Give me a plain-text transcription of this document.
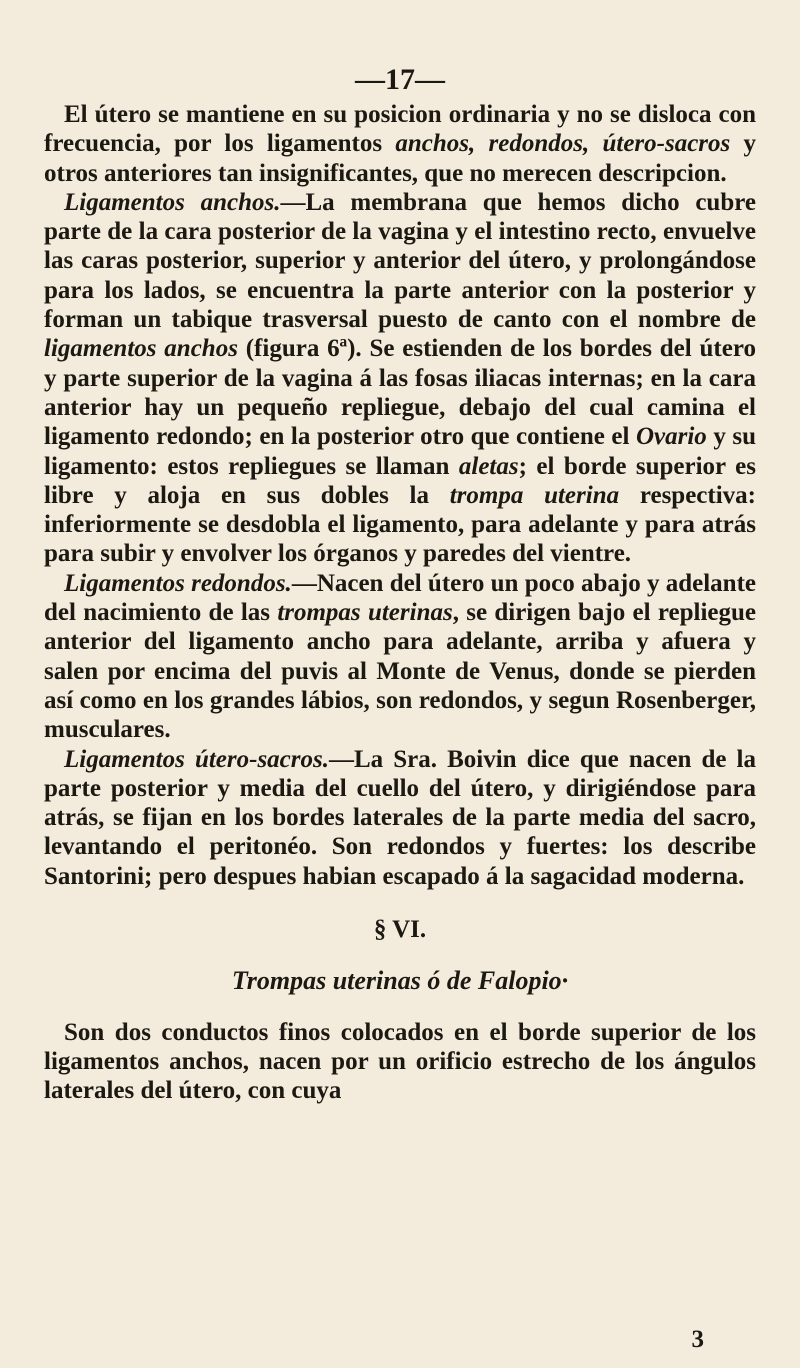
—17—

El útero se mantiene en su posicion ordinaria y no se disloca con frecuencia, por los ligamentos anchos, redondos, útero-sacros y otros anteriores tan insignificantes, que no merecen descripcion.

Ligamentos anchos.—La membrana que hemos dicho cubre parte de la cara posterior de la vagina y el intestino recto, envuelve las caras posterior, superior y anterior del útero, y prolongándose para los lados, se encuentra la parte anterior con la posterior y forman un tabique trasversal puesto de canto con el nombre de ligamentos anchos (figura 6ª). Se estienden de los bordes del útero y parte superior de la vagina á las fosas iliacas internas; en la cara anterior hay un pequeño repliegue, debajo del cual camina el ligamento redondo; en la posterior otro que contiene el Ovario y su ligamento: estos repliegues se llaman aletas; el borde superior es libre y aloja en sus dobles la trompa uterina respectiva: inferiormente se desdobla el ligamento, para adelante y para atrás para subir y envolver los órganos y paredes del vientre.

Ligamentos redondos.—Nacen del útero un poco abajo y adelante del nacimiento de las trompas uterinas, se dirigen bajo el repliegue anterior del ligamento ancho para adelante, arriba y afuera y salen por encima del puvis al Monte de Venus, donde se pierden así como en los grandes lábios, son redondos, y segun Rosenberger, musculares.

Ligamentos útero-sacros.—La Sra. Boivin dice que nacen de la parte posterior y media del cuello del útero, y dirigiéndose para atrás, se fijan en los bordes laterales de la parte media del sacro, levantando el peritonéo. Son redondos y fuertes: los describe Santorini; pero despues habian escapado á la sagacidad moderna.

§ VI.

Trompas uterinas ó de Falopio·

Son dos conductos finos colocados en el borde superior de los ligamentos anchos, nacen por un orificio estrecho de los ángulos laterales del útero, con cuya

3
